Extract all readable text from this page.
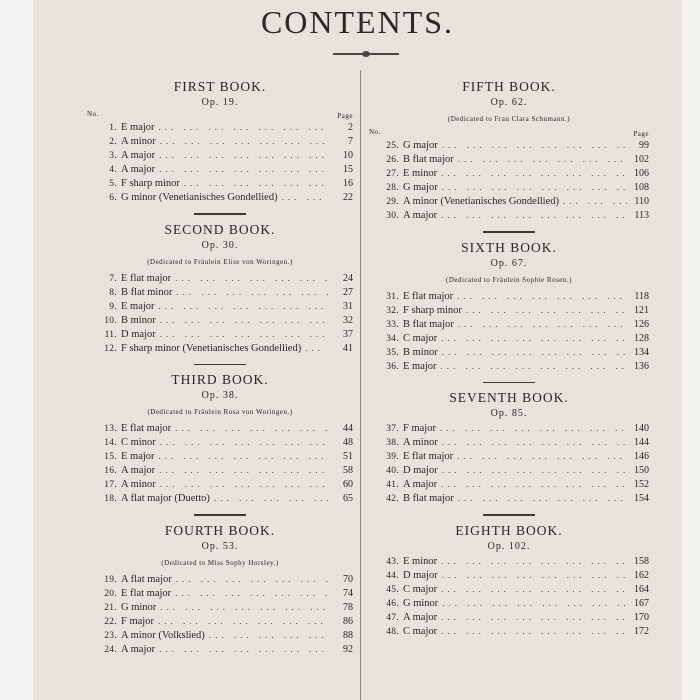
CONTENTS.
FIRST BOOK.
Op. 19.
No.	Page
1. E major ... .	2
2. A minor ... .	7
3. A major ... .	10
4. A major ... .	15
5. F sharp minor ... .	16
6. G minor (Venetianisches Gondellied) ... .	22
SECOND BOOK.
Op. 30.
(Dedicated to Fräulein Elise von Woringen.)
7. E flat major ... .	24
8. B flat minor ... .	27
9. E major ... .	31
10. B minor ... .	32
11. D major ... .	37
12. F sharp minor (Venetianisches Gondellied) ... .	41
THIRD BOOK.
Op. 38.
(Dedicated to Fräulein Rosa von Woringen.)
13. E flat major ... .	44
14. C minor ... .	48
15. E major ... .	51
16. A major ... .	58
17. A minor ... .	60
18. A flat major (Duetto) ... .	65
FOURTH BOOK.
Op. 53.
(Dedicated to Miss Sophy Horsley.)
19. A flat major ... .	70
20. E flat major ... .	74
21. G minor ... .	78
22. F major ... .	86
23. A minor (Volkslied) ... .	88
24. A major ... .	92
FIFTH BOOK.
Op. 62.
(Dedicated to Frau Clara Schumann.)
No.	Page
25. G major ... .	99
26. B flat major ... .	102
27. E minor ... .	106
28. G major ... .	108
29. A minor (Venetianisches Gondellied) ... .	110
30. A major ... .	113
SIXTH BOOK.
Op. 67.
(Dedicated to Fräulein Sophie Rosen.)
31. E flat major ... .	118
32. F sharp minor ... .	121
33. B flat major ... .	126
34. C major ... .	128
35. B minor ... .	134
36. E major ... .	136
SEVENTH BOOK.
Op. 85.
37. F major ... .	140
38. A minor ... .	144
39. E flat major ... .	146
40. D major ... .	150
41. A major ... .	152
42. B flat major ... .	154
EIGHTH BOOK.
Op. 102.
43. E minor ... .	158
44. D major ... .	162
45. C major ... .	164
46. G minor ... .	167
47. A major ... .	170
48. C major ... .	172
